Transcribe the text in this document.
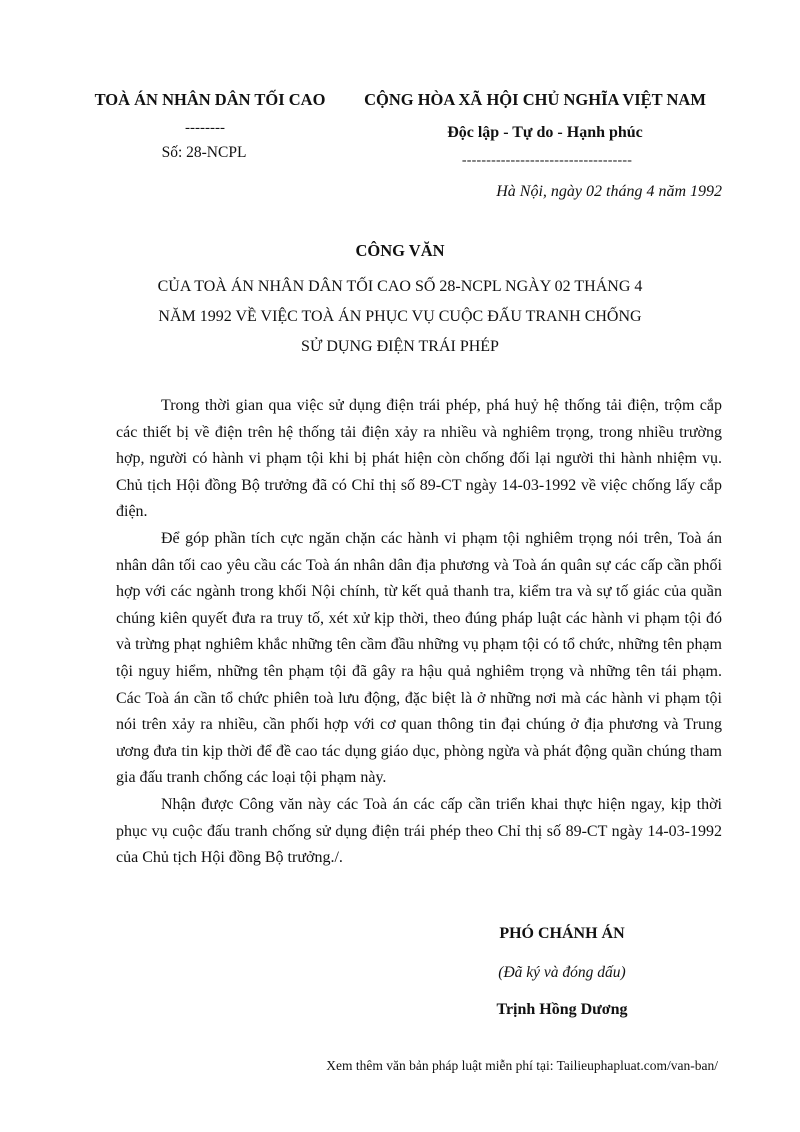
TOÀ ÁN NHÂN DÂN TỐI CAO

--------
Số: 28-NCPL

CỘNG HÒA XÃ HỘI CHỦ NGHĨA VIỆT NAM

Độc lập - Tự do - Hạnh phúc
-----------------------------------
Hà Nội, ngày 02 tháng 4 năm 1992
CÔNG VĂN

CỦA TOÀ ÁN NHÂN DÂN TỐI CAO SỐ 28-NCPL NGÀY 02 THÁNG 4

NĂM 1992 VỀ VIỆC TOÀ ÁN PHỤC VỤ CUỘC ĐẤU TRANH CHỐNG

SỬ DỤNG ĐIỆN TRÁI PHÉP

Trong thời gian qua việc sử dụng điện trái phép, phá huỷ hệ thống tải điện, trộm cắp các thiết bị về điện trên hệ thống tải điện xảy ra nhiều và nghiêm trọng, trong nhiều trường hợp, người có hành vi phạm tội khi bị phát hiện còn chống đối lại người thi hành nhiệm vụ. Chủ tịch Hội đồng Bộ trưởng đã có Chỉ thị số 89-CT ngày 14-03-1992 về việc chống lấy cắp điện.

Để góp phần tích cực ngăn chặn các hành vi phạm tội nghiêm trọng nói trên, Toà án nhân dân tối cao yêu cầu các Toà án nhân dân địa phương và Toà án quân sự các cấp cần phối hợp với các ngành trong khối Nội chính, từ kết quả thanh tra, kiểm tra và sự tố giác của quần chúng kiên quyết đưa ra truy tố, xét xử kịp thời, theo đúng pháp luật các hành vi phạm tội đó và trừng phạt nghiêm khắc những tên cầm đầu những vụ phạm tội có tổ chức, những tên phạm tội nguy hiểm, những tên phạm tội đã gây ra hậu quả nghiêm trọng và những tên tái phạm. Các Toà án cần tổ chức phiên toà lưu động, đặc biệt là ở những nơi mà các hành vi phạm tội nói trên xảy ra nhiều, cần phối hợp với cơ quan thông tin đại chúng ở địa phương và Trung ương đưa tin kịp thời để đề cao tác dụng giáo dục, phòng ngừa và phát động quần chúng tham gia đấu tranh chống các loại tội phạm này.

Nhận được Công văn này các Toà án các cấp cần triển khai thực hiện ngay, kịp thời phục vụ cuộc đấu tranh chống sử dụng điện trái phép theo Chỉ thị số 89-CT ngày 14-03-1992 của Chủ tịch Hội đồng Bộ trưởng./.

PHÓ CHÁNH ÁN

(Đã ký và đóng dấu)

Trịnh Hồng Dương

Xem thêm văn bản pháp luật miễn phí tại: Tailieuphapluat.com/van-ban/
